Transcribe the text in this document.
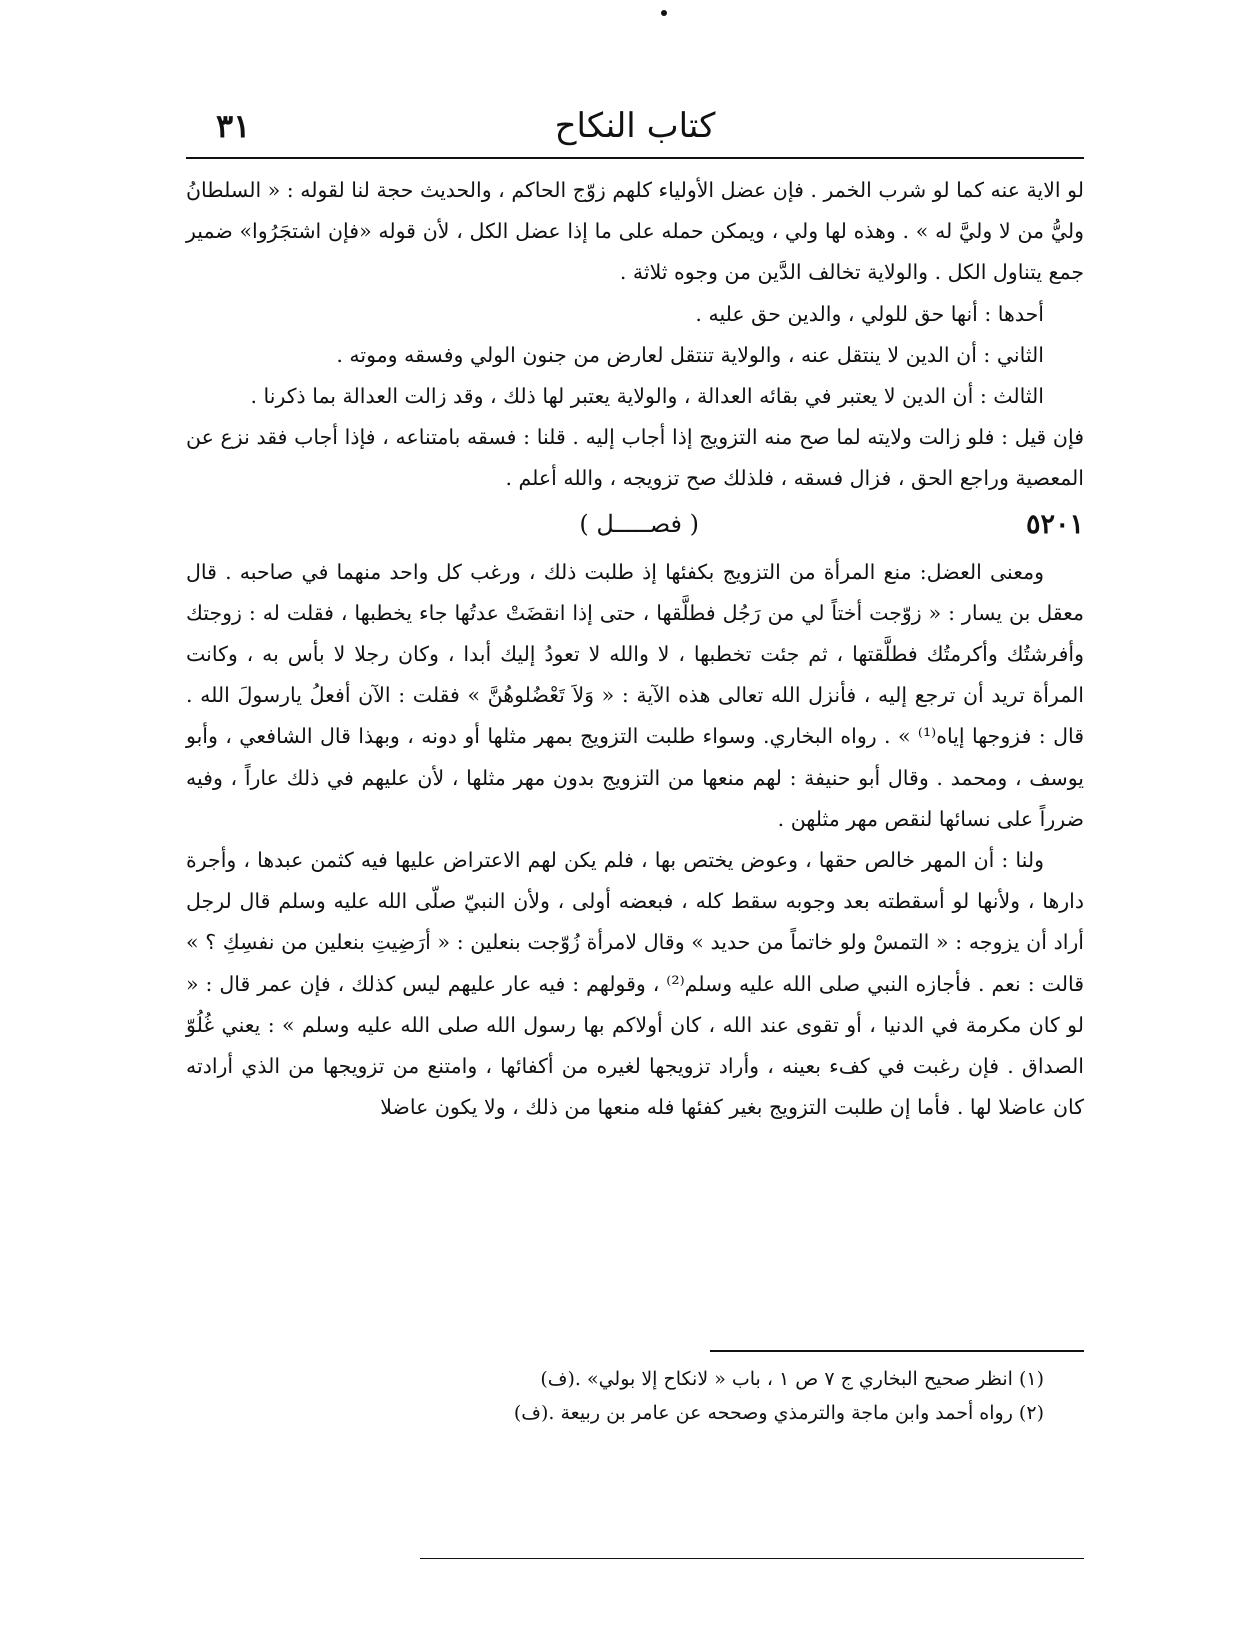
كتاب النكاح
٣١

لو الاية عنه كما لو شرب الخمر . فإن عضل الأولياء كلهم زوّج الحاكم ، والحديث حجة لنا لقوله : « السلطانُ وليُّ من لا وليَّ له » . وهذه لها ولي ، ويمكن حمله على ما إذا عضل الكل ، لأن قوله «فإن اشتجَرُوا» ضمير جمع يتناول الكل . والولاية تخالف الدَّين من وجوه ثلاثة .

أحدها : أنها حق للولي ، والدين حق عليه .

الثاني : أن الدين لا ينتقل عنه ، والولاية تنتقل لعارض من جنون الولي وفسقه وموته .

الثالث : أن الدين لا يعتبر في بقائه العدالة ، والولاية يعتبر لها ذلك ، وقد زالت العدالة بما ذكرنا .

فإن قيل : فلو زالت ولايته لما صح منه التزويج إذا أجاب إليه . قلنا : فسقه بامتناعه ، فإذا أجاب فقد نزع عن المعصية وراجع الحق ، فزال فسقه ، فلذلك صح تزويجه ، والله أعلم .

٥٢٠١
( فصـــــل )

ومعنى العضل: منع المرأة من التزويج بكفئها إذ طلبت ذلك ، ورغب كل واحد منهما في صاحبه . قال معقل بن يسار : « زوّجت أختاً لي من رَجُل فطلَّقها ، حتى إذا انقضَتْ عدتُها جاء يخطبها ، فقلت له : زوجتك وأفرشتُك وأكرمتُك فطلَّقتها ، ثم جئت تخطبها ، لا والله لا تعودُ إليك أبدا ، وكان رجلا لا بأس به ، وكانت المرأة تريد أن ترجع إليه ، فأنزل الله تعالى هذه الآية : « وَلاَ تَعْضُلوهُنَّ » فقلت : الآن أفعلُ يارسولَ الله . قال : فزوجها إياه⁽¹⁾ » . رواه البخاري. وسواء طلبت التزويج بمهر مثلها أو دونه ، وبهذا قال الشافعي ، وأبو يوسف ، ومحمد . وقال أبو حنيفة : لهم منعها من التزويج بدون مهر مثلها ، لأن عليهم في ذلك عاراً ، وفيه ضرراً على نسائها لنقص مهر مثلهن .

ولنا : أن المهر خالص حقها ، وعوض يختص بها ، فلم يكن لهم الاعتراض عليها فيه كثمن عبدها ، وأجرة دارها ، ولأنها لو أسقطته بعد وجوبه سقط كله ، فبعضه أولى ، ولأن النبيّ صلّى الله عليه وسلم قال لرجل أراد أن يزوجه : « التمسْ ولو خاتماً من حديد » وقال لامرأة زُوّجت بنعلين : « أرَضِيتِ بنعلين من نفسِكِ ؟ » قالت : نعم . فأجازه النبي صلى الله عليه وسلم⁽²⁾ ، وقولهم : فيه عار عليهم ليس كذلك ، فإن عمر قال : « لو كان مكرمة في الدنيا ، أو تقوى عند الله ، كان أولاكم بها رسول الله صلى الله عليه وسلم » : يعني غُلُوّ الصداق . فإن رغبت في كفء بعينه ، وأراد تزويجها لغيره من أكفائها ، وامتنع من تزويجها من الذي أرادته كان عاضلا لها . فأما إن طلبت التزويج بغير كفئها فله منعها من ذلك ، ولا يكون عاضلا

(١) انظر صحيح البخاري ج ٧ ص ١ ، باب « لانكاح إلا بولي» .(ف)

(٢) رواه أحمد وابن ماجة والترمذي وصححه عن عامر بن ربيعة .(ف)
